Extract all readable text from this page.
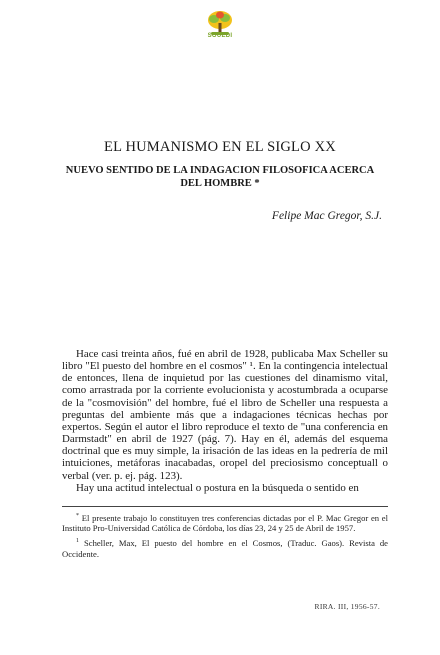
SOUEDI
EL HUMANISMO EN EL SIGLO XX
NUEVO SENTIDO DE LA INDAGACION FILOSOFICA ACERCA DEL HOMBRE *
Felipe Mac Gregor, S.J.

Hace casi treinta años, fué en abril de 1928, publicaba Max Scheller su libro "El puesto del hombre en el cosmos" ¹. En la contingencia intelectual de entonces, llena de inquietud por las cuestiones del dinamismo vital, como arrastrada por la corriente evolucionista y acostumbrada a ocuparse de la "cosmovisión" del hombre, fué el libro de Scheller una respuesta a preguntas del ambiente más que a indagaciones técnicas hechas por expertos. Según el autor el libro reproduce el texto de "una conferencia en Darmstadt" en abril de 1927 (pág. 7). Hay en él, además del esquema doctrinal que es muy simple, la irisación de las ideas en la pedrería de mil intuiciones, metáforas inacabadas, oropel del preciosismo conceptuall o verbal (ver. p. ej. pág. 123).

Hay una actitud intelectual o postura en la búsqueda o sentido en

* El presente trabajo lo constituyen tres conferencias dictadas por el P. Mac Gregor en el Instituto Pro-Universidad Católica de Córdoba, los días 23, 24 y 25 de Abril de 1957.

$^1$ Scheller, Max, El puesto del hombre en el Cosmos, (Traduc. Gaos). Revista de Occidente.

RIRA. III, 1956-57.
